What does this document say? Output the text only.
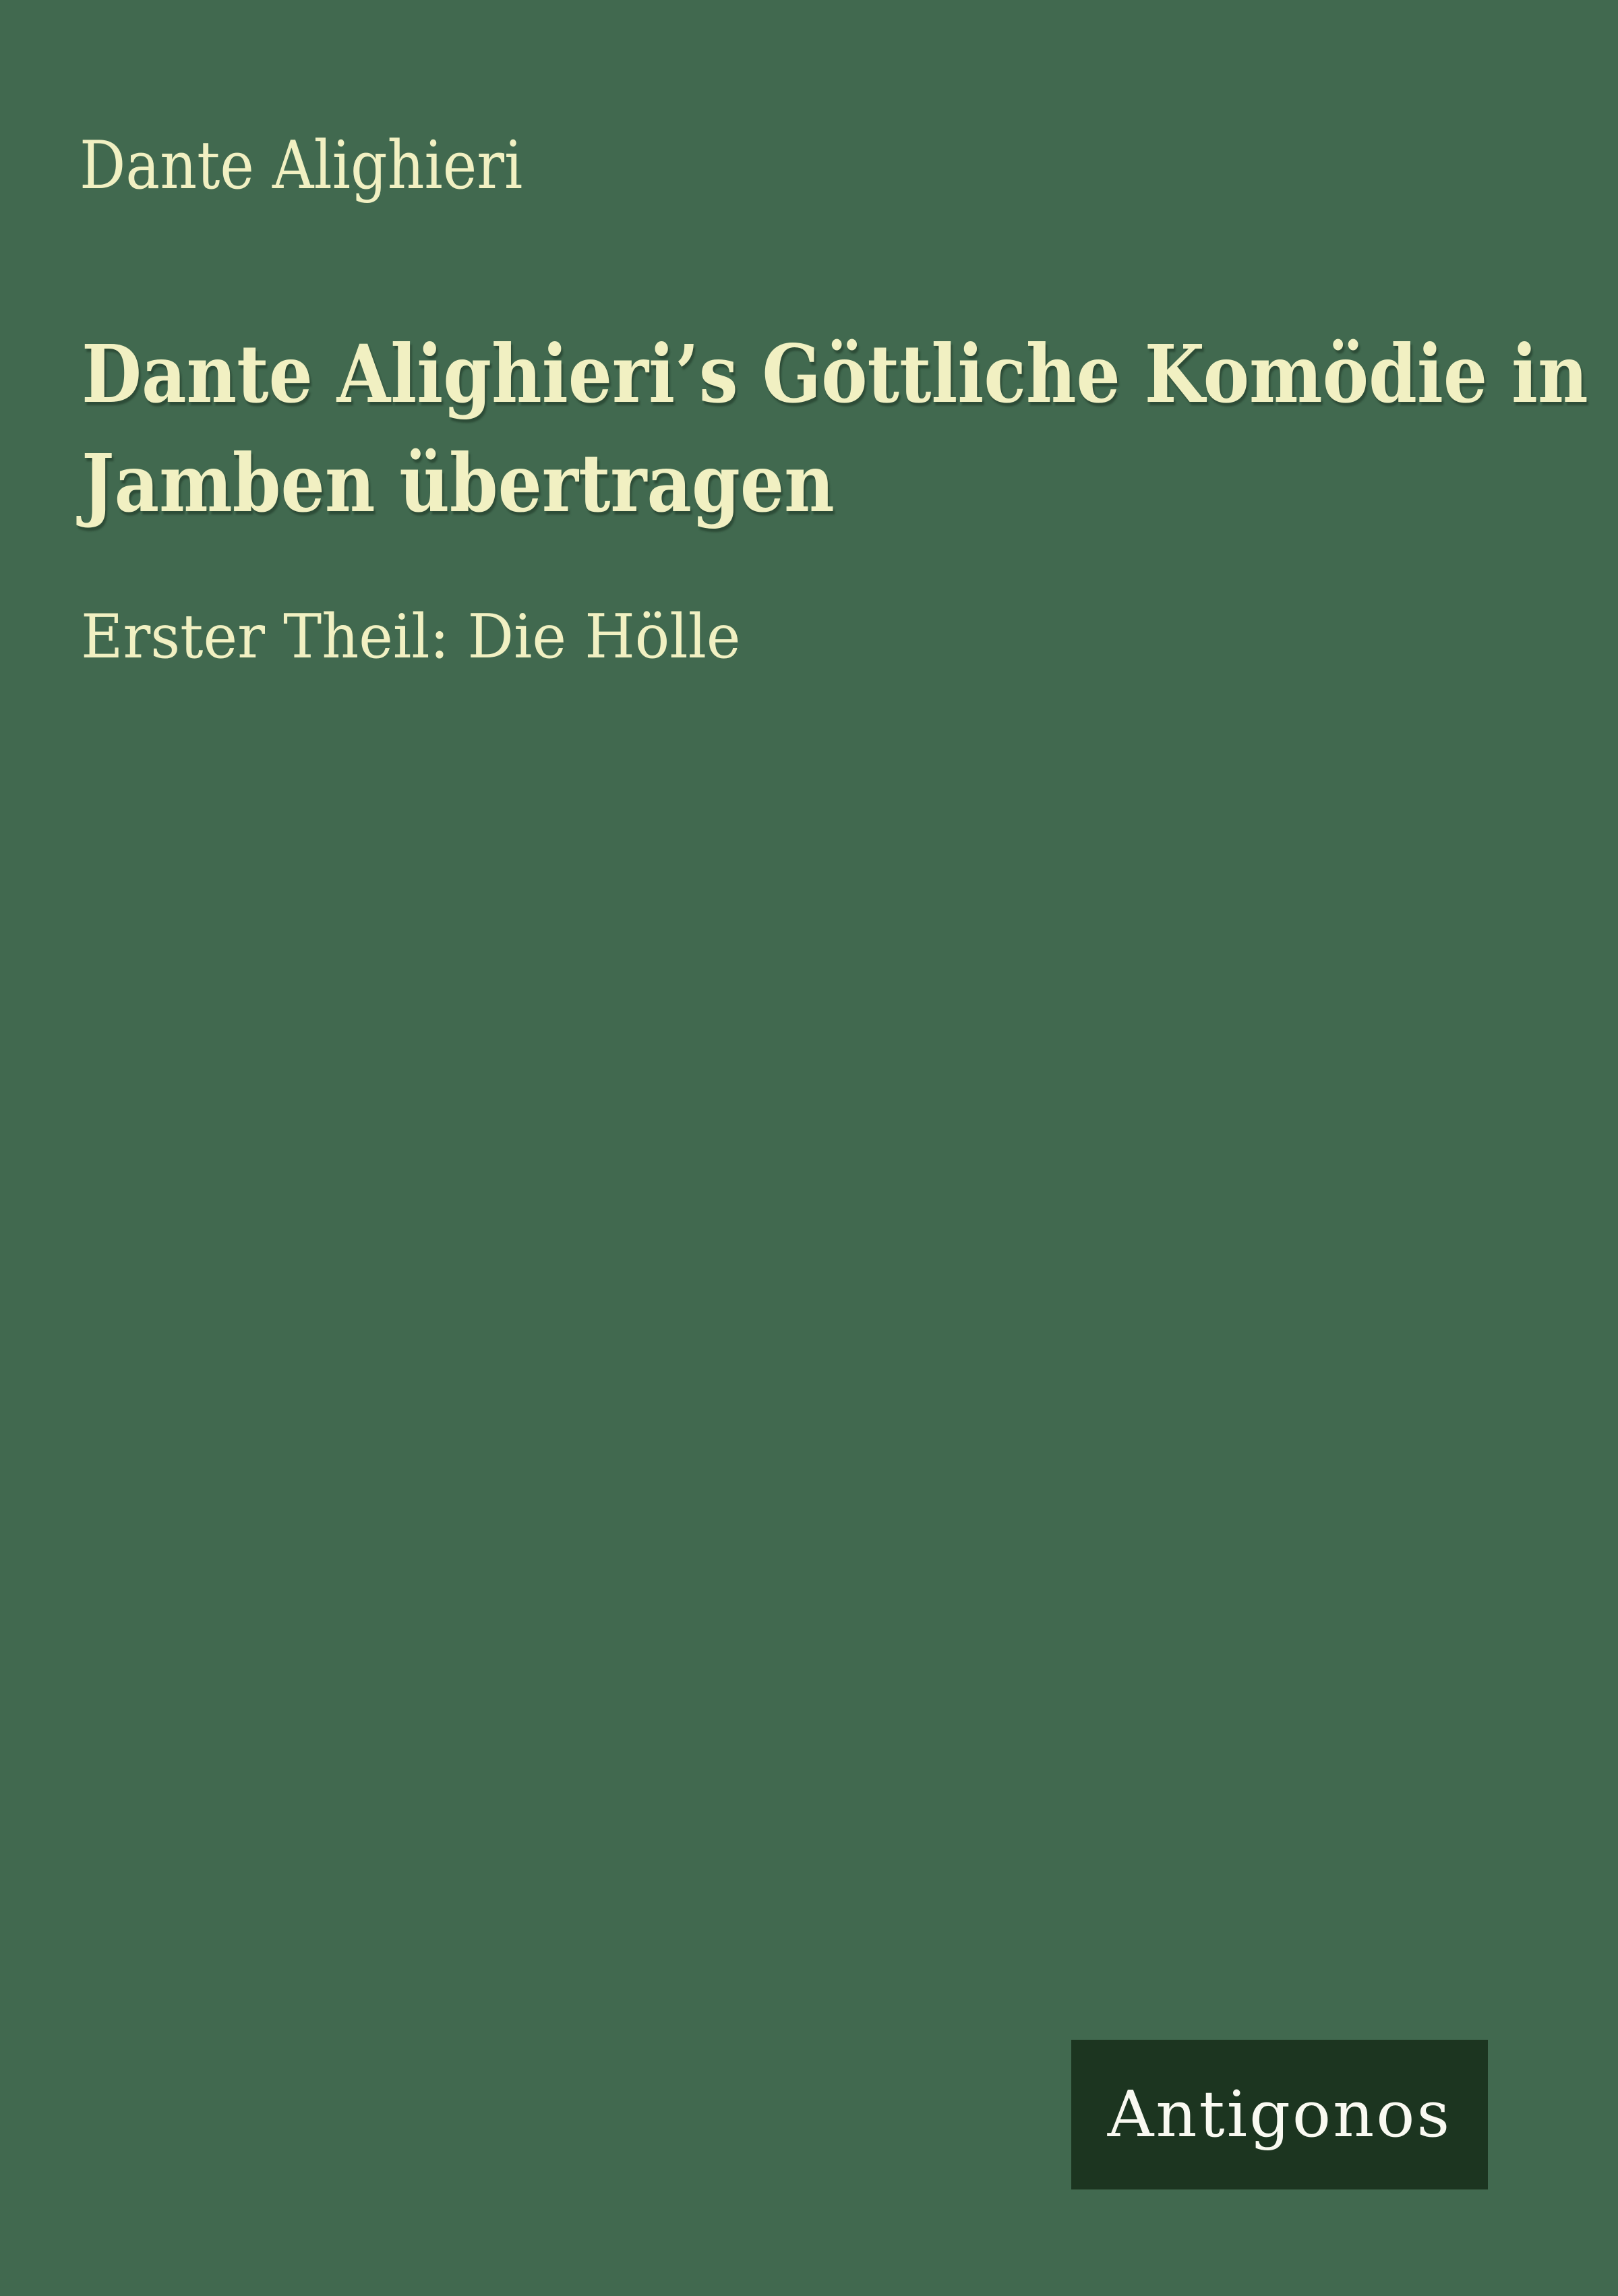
Dante Alighieri
Dante Alighieri’s Göttliche Komödie in
Jamben übertragen
Erster Theil: Die Hölle
Antigonos
